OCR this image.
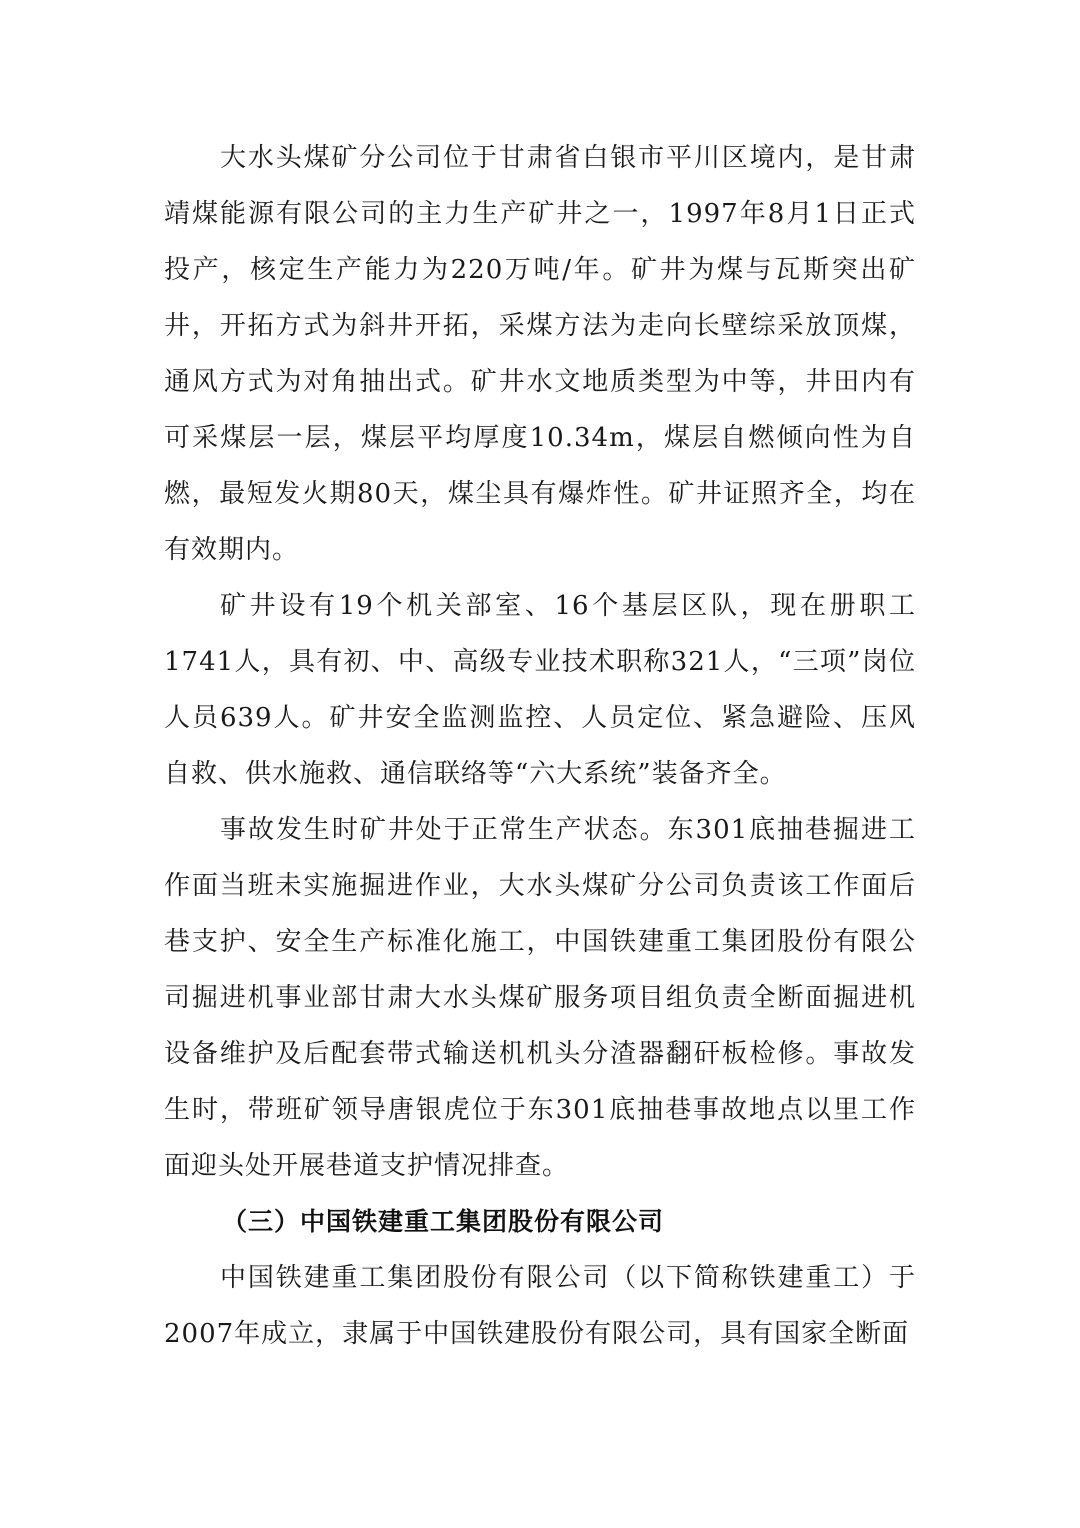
大水头煤矿分公司位于甘肃省白银市平川区境内，是甘肃靖煤能源有限公司的主力生产矿井之一，1997年8月1日正式投产，核定生产能力为220万吨/年。矿井为煤与瓦斯突出矿井，开拓方式为斜井开拓，采煤方法为走向长壁综采放顶煤，通风方式为对角抽出式。矿井水文地质类型为中等，井田内有可采煤层一层，煤层平均厚度10.34m，煤层自燃倾向性为自燃，最短发火期80天，煤尘具有爆炸性。矿井证照齐全，均在有效期内。

矿井设有19个机关部室、16个基层区队，现在册职工1741人，具有初、中、高级专业技术职称321人，“三项”岗位人员639人。矿井安全监测监控、人员定位、紧急避险、压风自救、供水施救、通信联络等“六大系统”装备齐全。

事故发生时矿井处于正常生产状态。东301底抽巷掘进工作面当班未实施掘进作业，大水头煤矿分公司负责该工作面后巷支护、安全生产标准化施工，中国铁建重工集团股份有限公司掘进机事业部甘肃大水头煤矿服务项目组负责全断面掘进机设备维护及后配套带式输送机机头分渣器翻矸板检修。事故发生时，带班矿领导唐银虎位于东301底抽巷事故地点以里工作面迎头处开展巷道支护情况排查。

（三）中国铁建重工集团股份有限公司

中国铁建重工集团股份有限公司（以下简称铁建重工）于2007年成立，隶属于中国铁建股份有限公司，具有国家全断面
